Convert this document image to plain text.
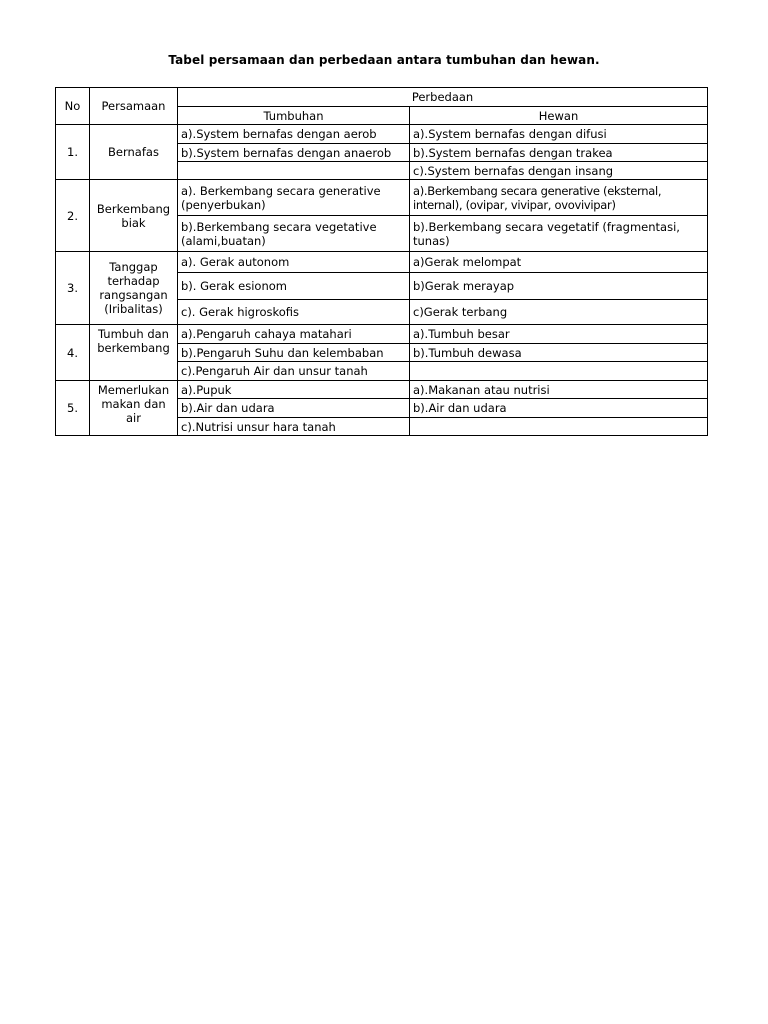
Tabel persamaan dan perbedaan antara tumbuhan dan hewan.
No	Persamaan	Perbedaan	
		Tumbuhan	Hewan
1.	Bernafas	a).System bernafas dengan aerob	a).System bernafas dengan difusi
		b).System bernafas dengan anaerob	b).System bernafas dengan trakea
			c).System bernafas dengan insang
2.	Berkembang biak	a). Berkembang secara generative (penyerbukan)	a).Berkembang secara generative (eksternal, internal), (ovipar, vivipar, ovovivipar)
		b).Berkembang secara vegetative (alami,buatan)	b).Berkembang secara vegetatif (fragmentasi, tunas)
3.	Tanggap terhadap rangsangan (Iribalitas)	a). Gerak autonom	a)Gerak melompat
		b). Gerak esionom	b)Gerak merayap
		c). Gerak higroskofis	c)Gerak terbang
4.	Tumbuh dan berkembang	a).Pengaruh cahaya matahari	a).Tumbuh besar
		b).Pengaruh Suhu dan kelembaban	b).Tumbuh dewasa
		c).Pengaruh Air dan unsur tanah	
5.	Memerlukan makan dan air	a).Pupuk	a).Makanan atau nutrisi
		b).Air dan udara	b).Air dan udara
		c).Nutrisi unsur hara tanah	
